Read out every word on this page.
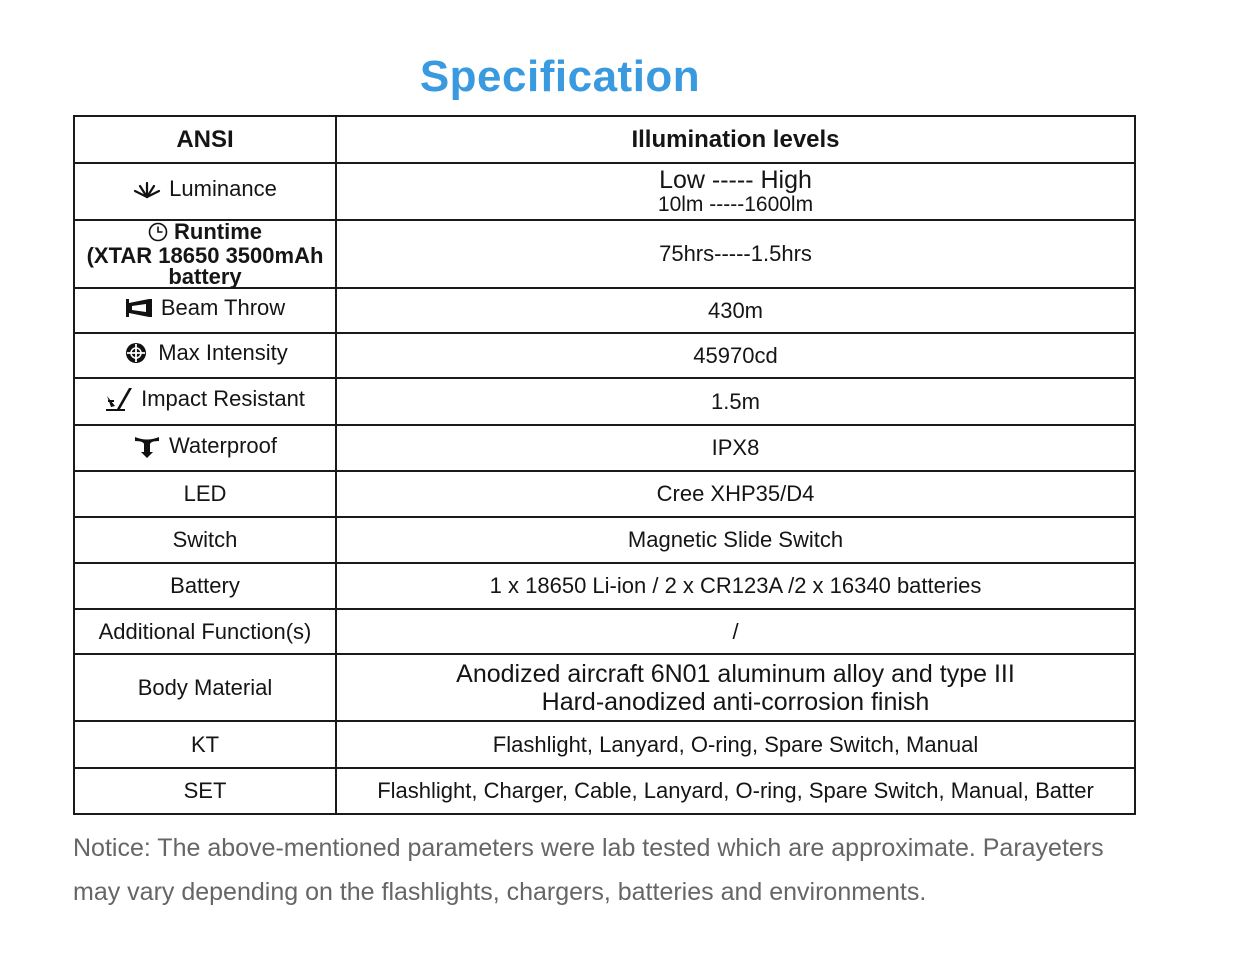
Specification
ANSI	Illumination levels

Luminance	Low ----- High
10lm -----1600lm

Runtime
(XTAR 18650 3500mAh
battery	75hrs-----1.5hrs

Beam Throw	430m

Max Intensity	45970cd

Impact Resistant	1.5m

Waterproof	IPX8
LED	Cree XHP35/D4
Switch	Magnetic Slide Switch
Battery	1 x 18650 Li-ion / 2 x CR123A /2 x 16340 batteries
Additional Function(s)	/
Body Material	Anodized aircraft 6N01 aluminum alloy and type III
Hard-anodized anti-corrosion finish

KT	Flashlight, Lanyard, O-ring, Spare Switch, Manual
SET	Flashlight, Charger, Cable, Lanyard, O-ring, Spare Switch, Manual, Batter
Notice: The above-mentioned parameters were lab tested which are approximate. Parayeters
may vary depending on the flashlights, chargers, batteries and environments.
